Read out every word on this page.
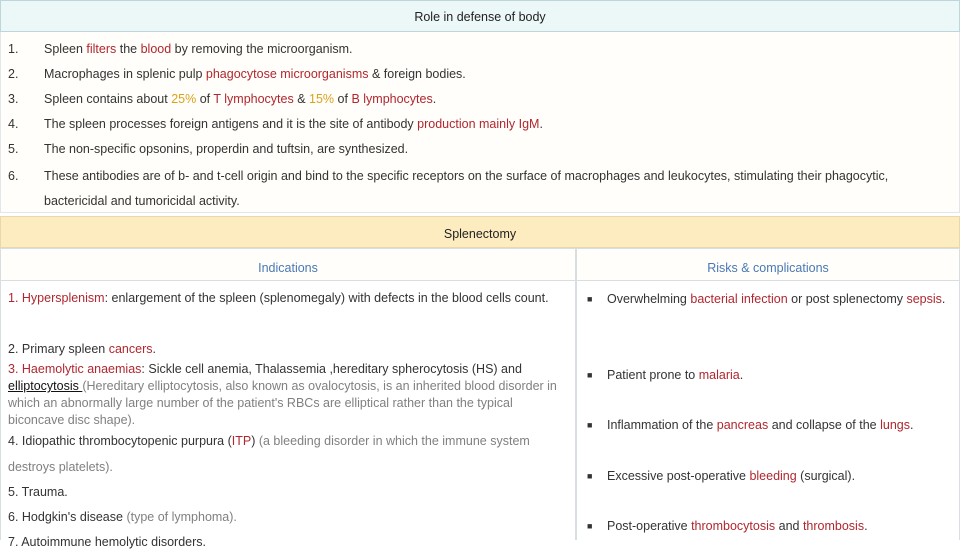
Role in defense of body
1. Spleen filters the blood by removing the microorganism.
2. Macrophages in splenic pulp phagocytose microorganisms & foreign bodies.
3. Spleen contains about 25% of T lymphocytes & 15% of B lymphocytes.
4. The spleen processes foreign antigens and it is the site of antibody production mainly IgM.
5. The non-specific opsonins, properdin and tuftsin, are synthesized.
6. These antibodies are of b- and t-cell origin and bind to the specific receptors on the surface of macrophages and leukocytes, stimulating their phagocytic, bactericidal and tumoricidal activity.
Splenectomy
Indications	Risks & complications
1. Hypersplenism: enlargement of the spleen (splenomegaly) with defects in the blood cells count.
2. Primary spleen cancers.
3. Haemolytic anaemias: Sickle cell anemia, Thalassemia ,hereditary spherocytosis (HS) and elliptocytosis (Hereditary elliptocytosis, also known as ovalocytosis, is an inherited blood disorder in which an abnormally large number of the patient's RBCs are elliptical rather than the typical biconcave disc shape).
4. Idiopathic thrombocytopenic purpura (ITP) (a bleeding disorder in which the immune system destroys platelets).
5. Trauma.
6. Hodgkin's disease (type of lymphoma).
7. Autoimmune hemolytic disorders.
■ Overwhelming bacterial infection or post splenectomy sepsis.
■ Patient prone to malaria.
■ Inflammation of the pancreas and collapse of the lungs.
■ Excessive post-operative bleeding (surgical).
■ Post-operative thrombocytosis and thrombosis.
